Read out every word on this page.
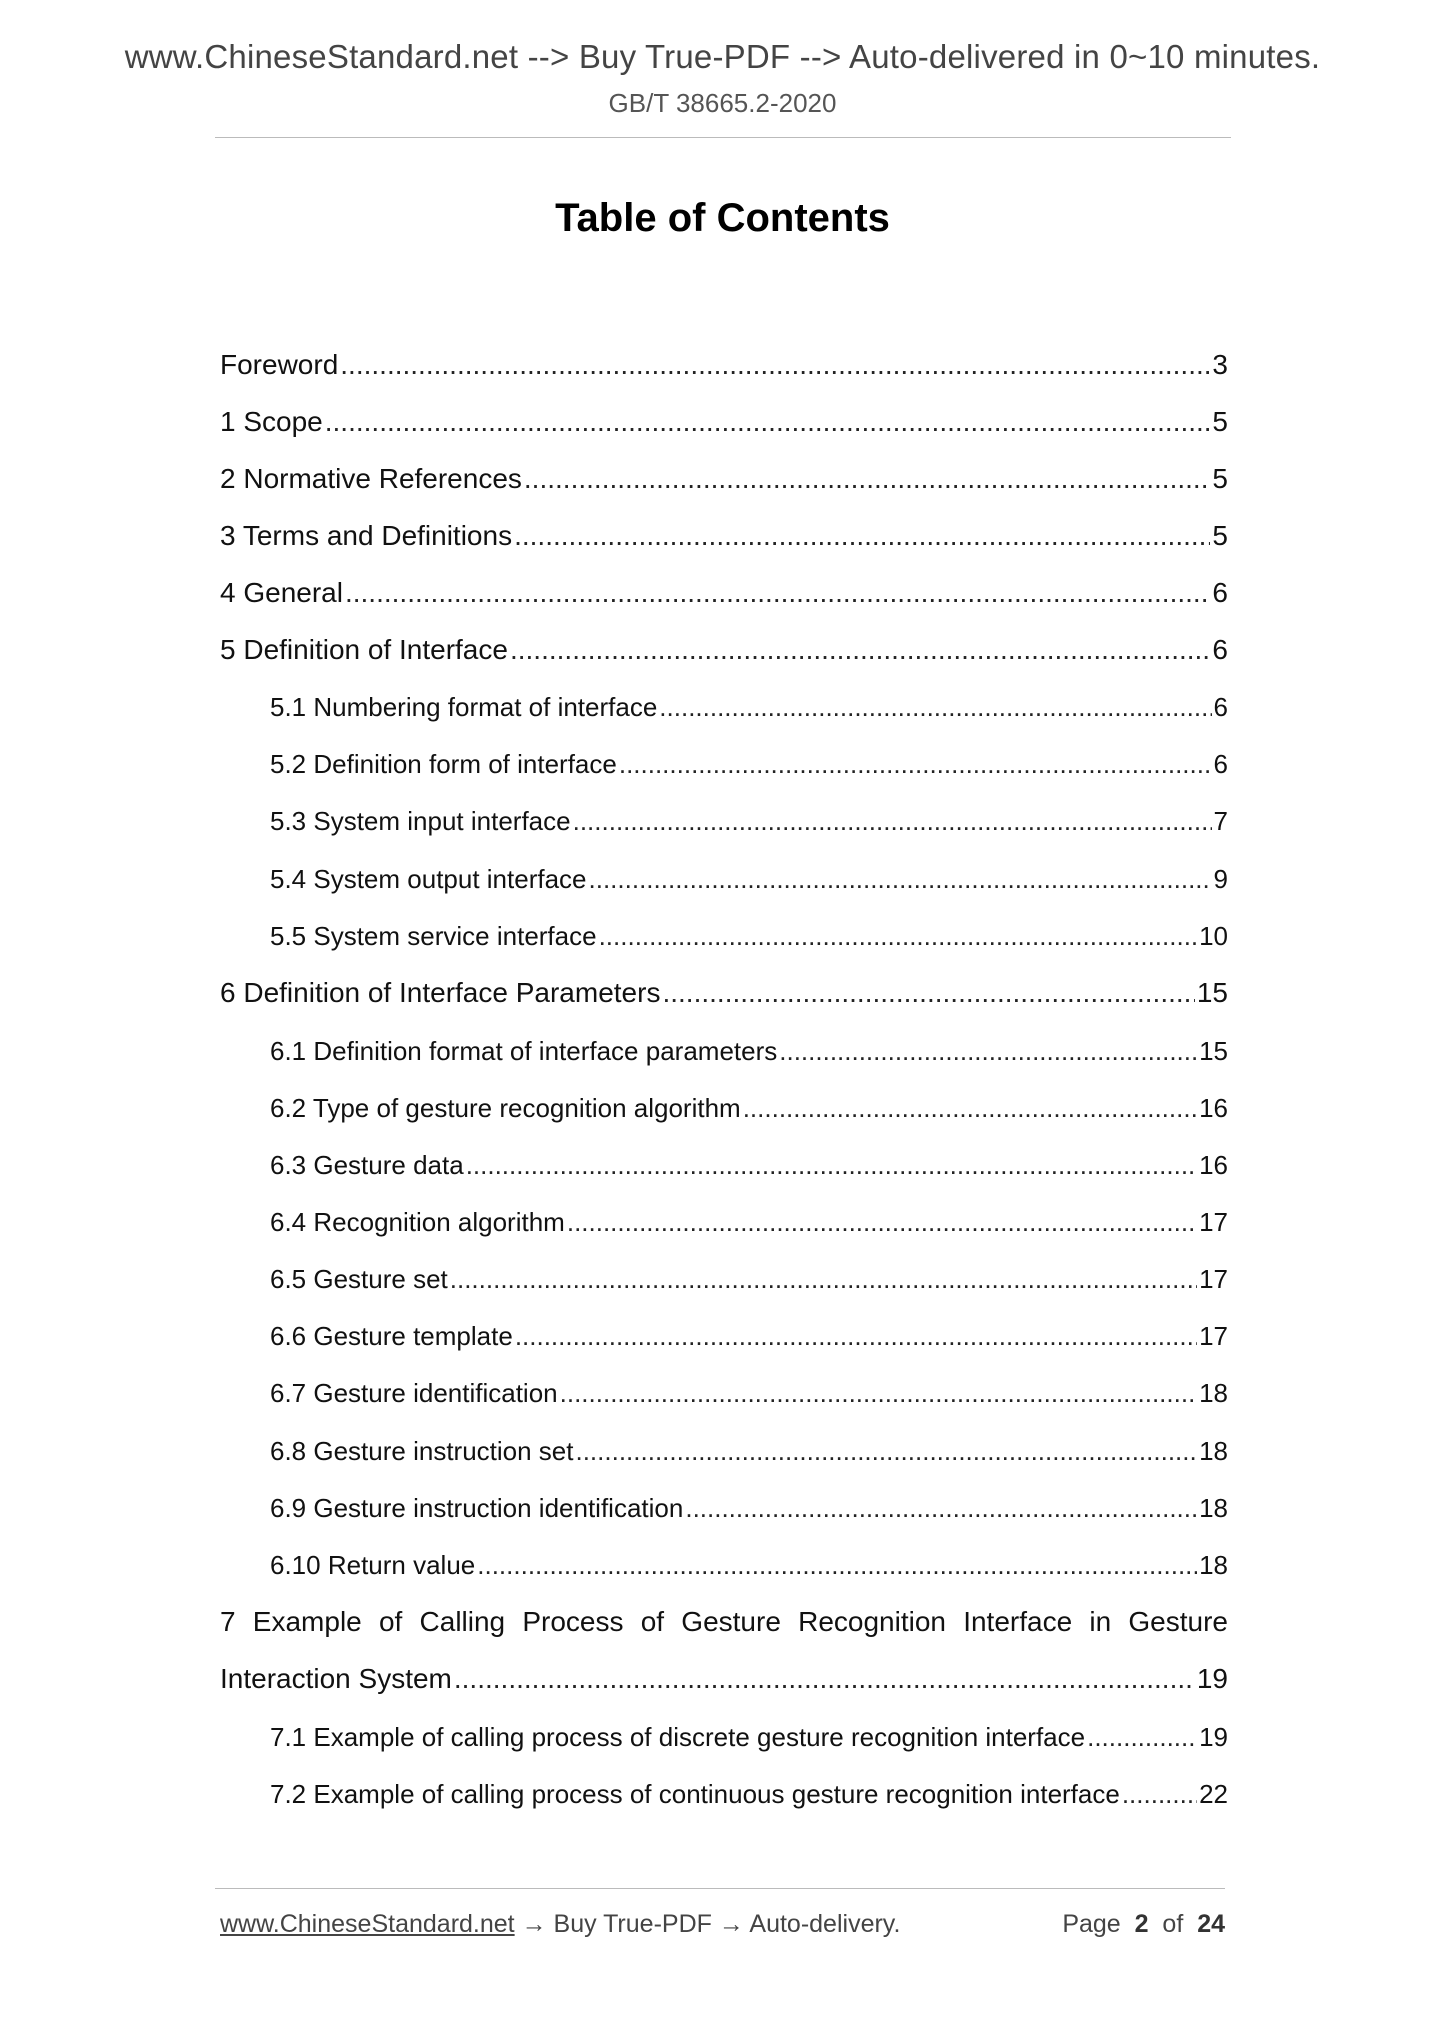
www.ChineseStandard.net --> Buy True-PDF --> Auto-delivered in 0~10 minutes.
GB/T 38665.2-2020
Table of Contents
Foreword .....	3
1 Scope .....	5
2 Normative References .....	5
3 Terms and Definitions .....	5
4 General .....	6
5 Definition of Interface .....	6
5.1 Numbering format of interface .....	6
5.2 Definition form of interface .....	6
5.3 System input interface .....	7
5.4 System output interface .....	9
5.5 System service interface .....	10
6 Definition of Interface Parameters .....	15
6.1 Definition format of interface parameters .....	15
6.2 Type of gesture recognition algorithm .....	16
6.3 Gesture data .....	16
6.4 Recognition algorithm .....	17
6.5 Gesture set .....	17
6.6 Gesture template .....	17
6.7 Gesture identification .....	18
6.8 Gesture instruction set .....	18
6.9 Gesture instruction identification .....	18
6.10 Return value .....	18
7 Example of Calling Process of Gesture Recognition Interface in Gesture
Interaction System .....	19
7.1 Example of calling process of discrete gesture recognition interface .....	19
7.2 Example of calling process of continuous gesture recognition interface .....	22
www.ChineseStandard.net → Buy True-PDF → Auto-delivery.	Page 2 of 24
